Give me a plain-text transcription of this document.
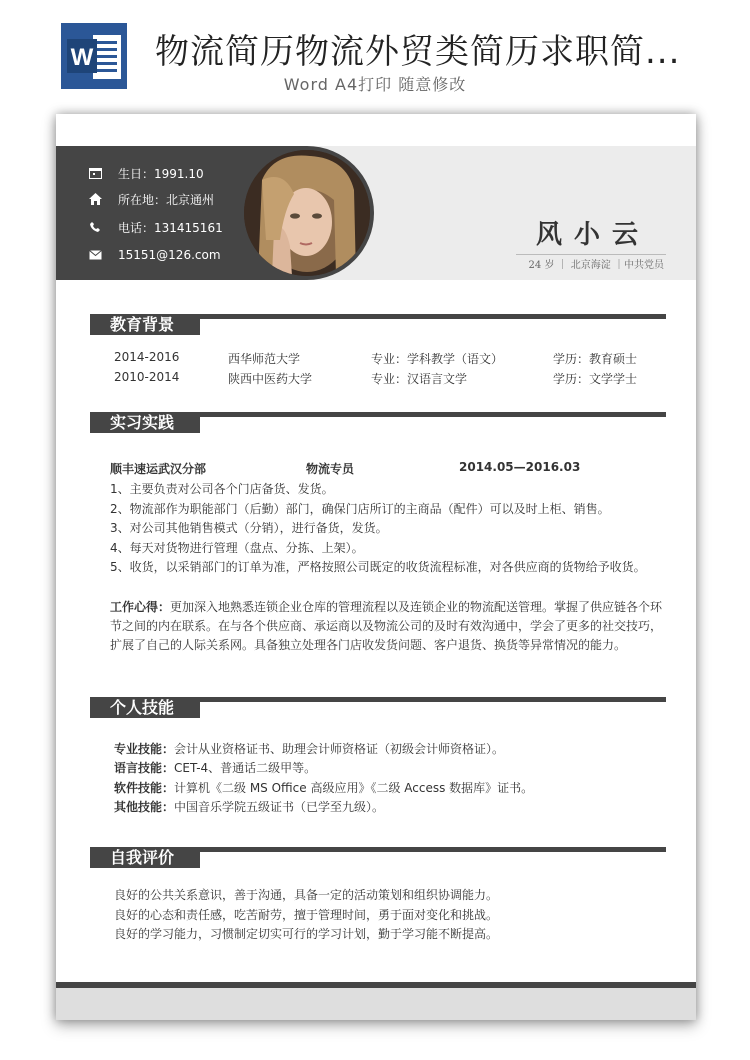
W 物流简历物流外贸类简历求职简...
Word A4打印 随意修改
生日：1991.10
所在地：北京通州
电话：131415161
15151@126.com
风小云
24 岁 ｜ 北京海淀 ｜中共党员
教育背景
2014-2016	西华师范大学	专业：学科教学（语文）	学历：教育硕士
2010-2014	陕西中医药大学	专业：汉语言文学	学历：文学学士
实习实践
顺丰速运武汉分部	物流专员	2014.05—2016.03
1、主要负责对公司各个门店备货、发货。
2、物流部作为职能部门（后勤）部门，确保门店所订的主商品（配件）可以及时上柜、销售。
3、对公司其他销售模式（分销），进行备货，发货。
4、每天对货物进行管理（盘点、分拣、上架）。
5、收货，以采销部门的订单为准，严格按照公司既定的收货流程标准，对各供应商的货物给予收货。
工作心得：更加深入地熟悉连锁企业仓库的管理流程以及连锁企业的物流配送管理。掌握了供应链各个环
节之间的内在联系。在与各个供应商、承运商以及物流公司的及时有效沟通中，学会了更多的社交技巧，
扩展了自己的人际关系网。具备独立处理各门店收发货问题、客户退货、换货等异常情况的能力。
个人技能
专业技能：会计从业资格证书、助理会计师资格证（初级会计师资格证）。
语言技能：CET-4、普通话二级甲等。
软件技能：计算机《二级 MS Office 高级应用》《二级 Access 数据库》证书。
其他技能：中国音乐学院五级证书（已学至九级）。
自我评价
良好的公共关系意识，善于沟通，具备一定的活动策划和组织协调能力。
良好的心态和责任感，吃苦耐劳，擅于管理时间，勇于面对变化和挑战。
良好的学习能力，习惯制定切实可行的学习计划，勤于学习能不断提高。
